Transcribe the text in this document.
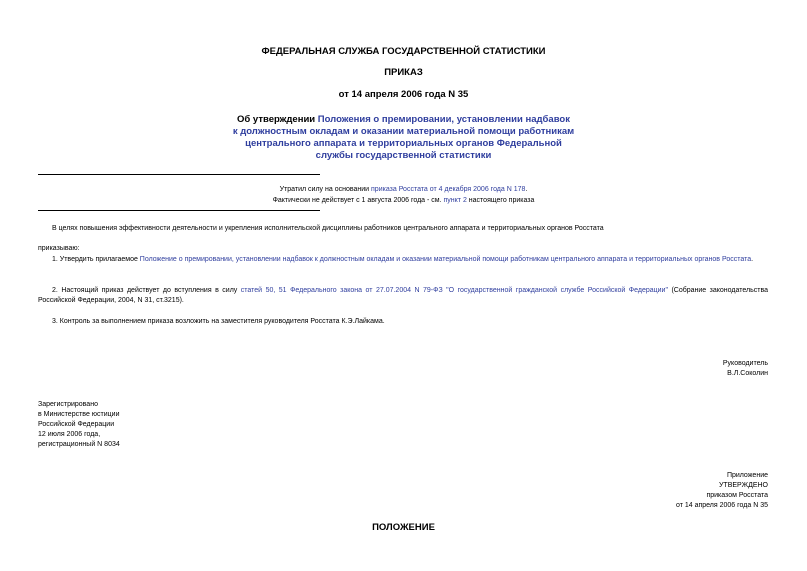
ФЕДЕРАЛЬНАЯ СЛУЖБА ГОСУДАРСТВЕННОЙ СТАТИСТИКИ
ПРИКАЗ
от 14 апреля 2006 года N 35
Об утверждении Положения о премировании, установлении надбавок
к должностным окладам и оказании материальной помощи работникам
центрального аппарата и территориальных органов Федеральной
службы государственной статистики
Утратил силу на основании приказа Росстата от 4 декабря 2006 года N 178.
Фактически не действует с 1 августа 2006 года - см. пункт 2 настоящего приказа
В целях повышения эффективности деятельности и укрепления исполнительской дисциплины работников центрального аппарата и территориальных органов Росстата
приказываю:
1. Утвердить прилагаемое Положение о премировании, установлении надбавок к должностным окладам и оказании материальной помощи работникам центрального аппарата и территориальных органов Росстата.
2. Настоящий приказ действует до вступления в силу статей 50, 51 Федерального закона от 27.07.2004 N 79-ФЗ "О государственной гражданской службе Российской Федерации" (Собрание законодательства Российской Федерации, 2004, N 31, ст.3215).
3. Контроль за выполнением приказа возложить на заместителя руководителя Росстата К.Э.Лайкама.
Руководитель
В.Л.Соколин
Зарегистрировано
в Министерстве юстиции
Российской Федерации
12 июля 2006 года,
регистрационный N 8034
Приложение
УТВЕРЖДЕНО
приказом Росстата
от 14 апреля 2006 года N 35
ПОЛОЖЕНИЕ
